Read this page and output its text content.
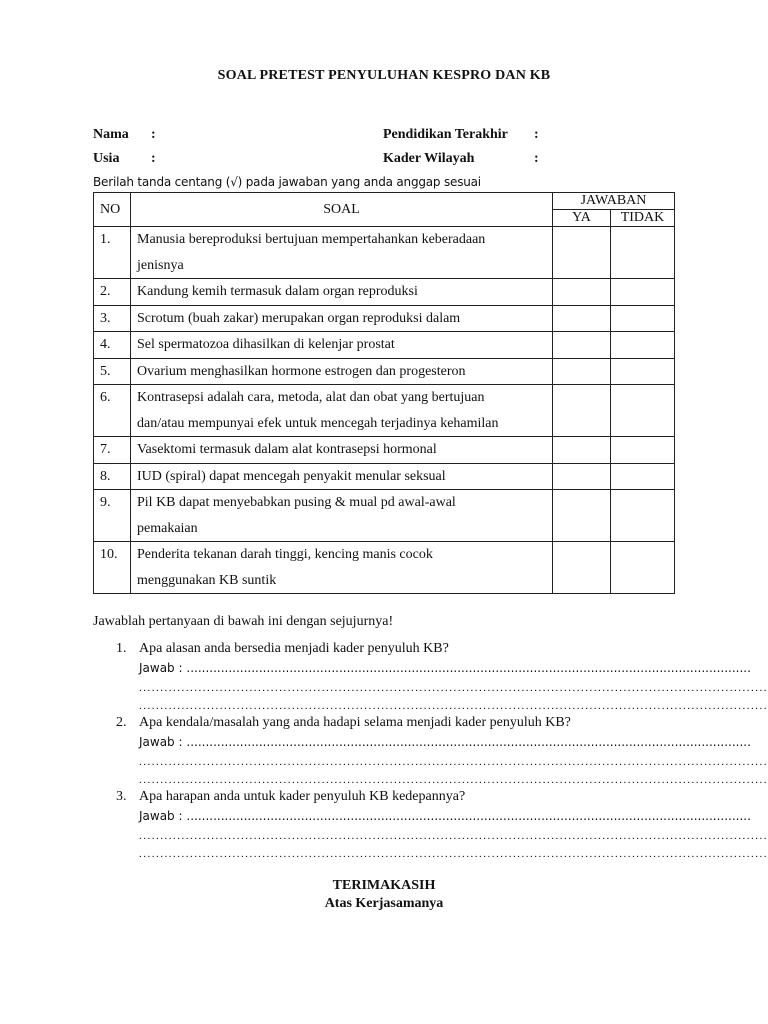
SOAL PRETEST PENYULUHAN KESPRO DAN KB
Nama :	Pendidikan Terakhir :
Usia :	Kader Wilayah	:
Berilah tanda centang (√) pada jawaban yang anda anggap sesuai
NO	SOAL	JAWABAN	
		YA	TIDAK
1.	Manusia bereproduksi bertujuan mempertahankan keberadaan
jenisnya		

2.	Kandung kemih termasuk dalam organ reproduksi		

3.	Scrotum (buah zakar) merupakan organ reproduksi dalam		

4.	Sel spermatozoa dihasilkan di kelenjar prostat		

5.	Ovarium menghasilkan hormone estrogen dan progesteron		

6.	Kontrasepsi adalah cara, metoda, alat dan obat yang bertujuan
dan/atau mempunyai efek untuk mencegah terjadinya kehamilan		

7.	Vasektomi termasuk dalam alat kontrasepsi hormonal		

8.	IUD (spiral) dapat mencegah penyakit menular seksual		

9.	Pil KB dapat menyebabkan pusing & mual pd awal-awal
pemakaian		

10.	Penderita tekanan darah tinggi, kencing manis cocok
menggunakan KB suntik		

Jawablah pertanyaan di bawah ini dengan sejujurnya!
1. Apa alasan anda bersedia menjadi kader penyuluh KB?
Jawab : ....................................................................................................................................................
....................................................................................................................................................
....................................................................................................................................................
2. Apa kendala/masalah yang anda hadapi selama menjadi kader penyuluh KB?
Jawab : ....................................................................................................................................................
....................................................................................................................................................
....................................................................................................................................................
3. Apa harapan anda untuk kader penyuluh KB kedepannya?
Jawab : ....................................................................................................................................................
....................................................................................................................................................
....................................................................................................................................................
TERIMAKASIH
Atas Kerjasamanya
